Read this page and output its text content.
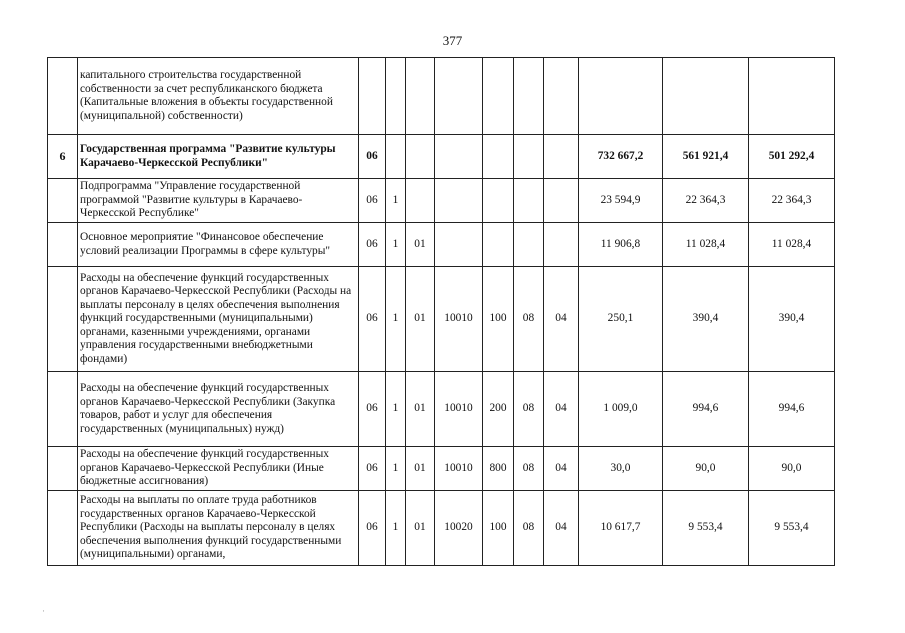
377
	капитального строительства государственной собственности за счет республиканского бюджета (Капитальные вложения в объекты государственной (муниципальной) собственности)										
6	Государственная программа "Развитие культуры Карачаево-Черкесской Республики"	06							732 667,2	561 921,4	501 292,4
	Подпрограмма "Управление государственной программой "Развитие культуры в Карачаево-Черкесской Республике"	06	1						23 594,9	22 364,3	22 364,3
	Основное мероприятие "Финансовое обеспечение условий реализации Программы в сфере культуры"	06	1	01					11 906,8	11 028,4	11 028,4
	Расходы на обеспечение функций государственных органов Карачаево-Черкесской Республики (Расходы на выплаты персоналу в целях обеспечения выполнения функций государственными (муниципальными) органами, казенными учреждениями, органами управления государственными внебюджетными фондами)	06	1	01	10010	100	08	04	250,1	390,4	390,4
	Расходы на обеспечение функций государственных органов Карачаево-Черкесской Республики (Закупка товаров, работ и услуг для обеспечения государственных (муниципальных) нужд)	06	1	01	10010	200	08	04	1 009,0	994,6	994,6
	Расходы на обеспечение функций государственных органов Карачаево-Черкесской Республики (Иные бюджетные ассигнования)	06	1	01	10010	800	08	04	30,0	90,0	90,0
	Расходы на выплаты по оплате труда работников государственных органов Карачаево-Черкесской Республики (Расходы на выплаты персоналу в целях обеспечения выполнения функций государственными (муниципальными) органами,	06	1	01	10020	100	08	04	10 617,7	9 553,4	9 553,4
·
